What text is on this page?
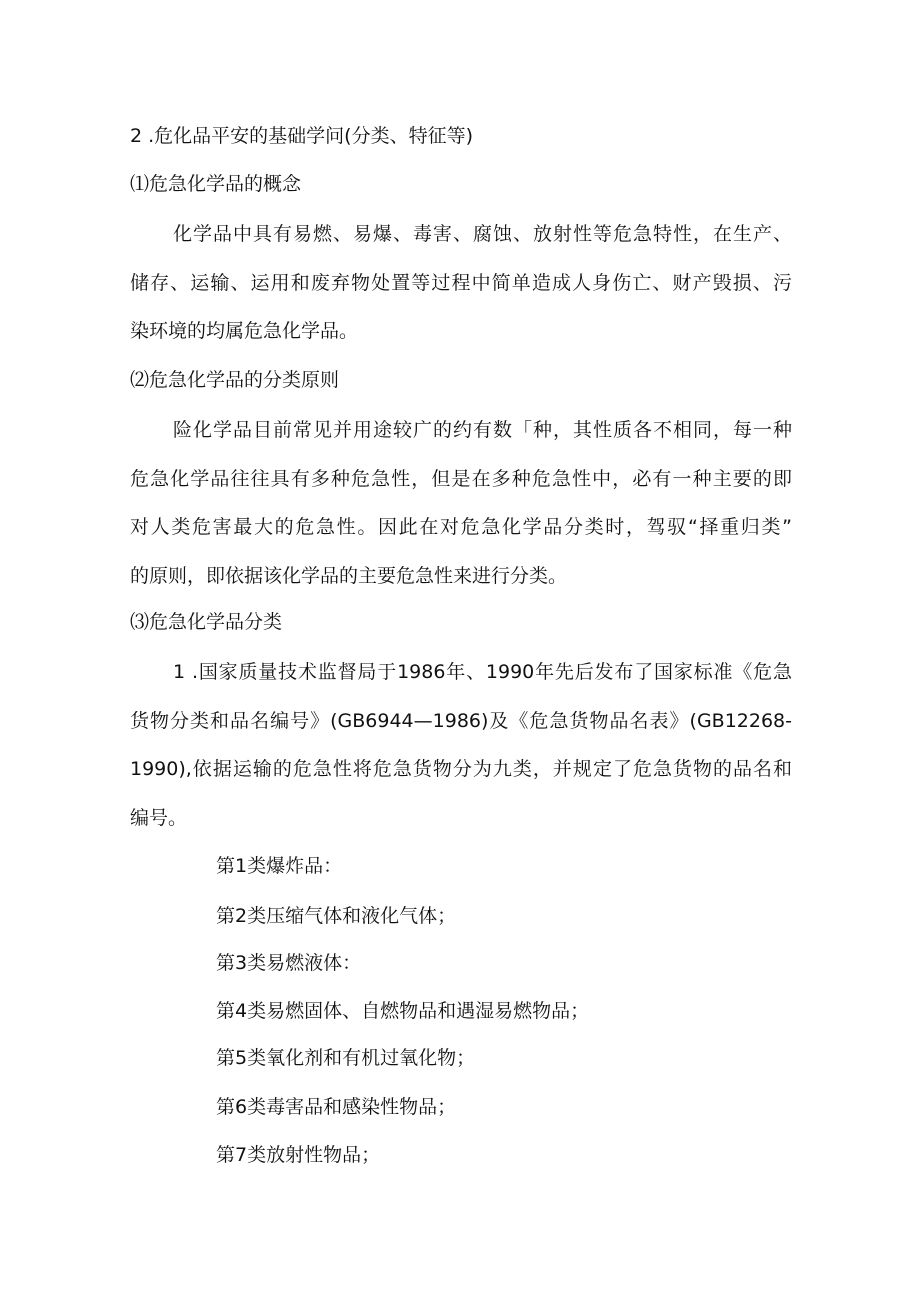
2 .危化品平安的基础学问(分类、特征等)
⑴危急化学品的概念
化学品中具有易燃、易爆、毒害、腐蚀、放射性等危急特性，在生产、
储存、运输、运用和废弃物处置等过程中简单造成人身伤亡、财产毁损、污
染环境的均属危急化学品。
⑵危急化学品的分类原则
险化学品目前常见并用途较广的约有数「种，其性质各不相同，每一种
危急化学品往往具有多种危急性，但是在多种危急性中，必有一种主要的即
对人类危害最大的危急性。因此在对危急化学品分类时，驾驭“择重归类”
的原则，即依据该化学品的主要危急性来进行分类。
⑶危急化学品分类
1 .国家质量技术监督局于1986年、1990年先后发布了国家标准《危急
货物分类和品名编号》(GB6944—1986)及《危急货物品名表》(GB12268-
1990),依据运输的危急性将危急货物分为九类，并规定了危急货物的品名和
编号。
第1类爆炸品：
第2类压缩气体和液化气体；
第3类易燃液体：
第4类易燃固体、自燃物品和遇湿易燃物品；
第5类氧化剂和有机过氧化物；
第6类毒害品和感染性物品；
第7类放射性物品；
